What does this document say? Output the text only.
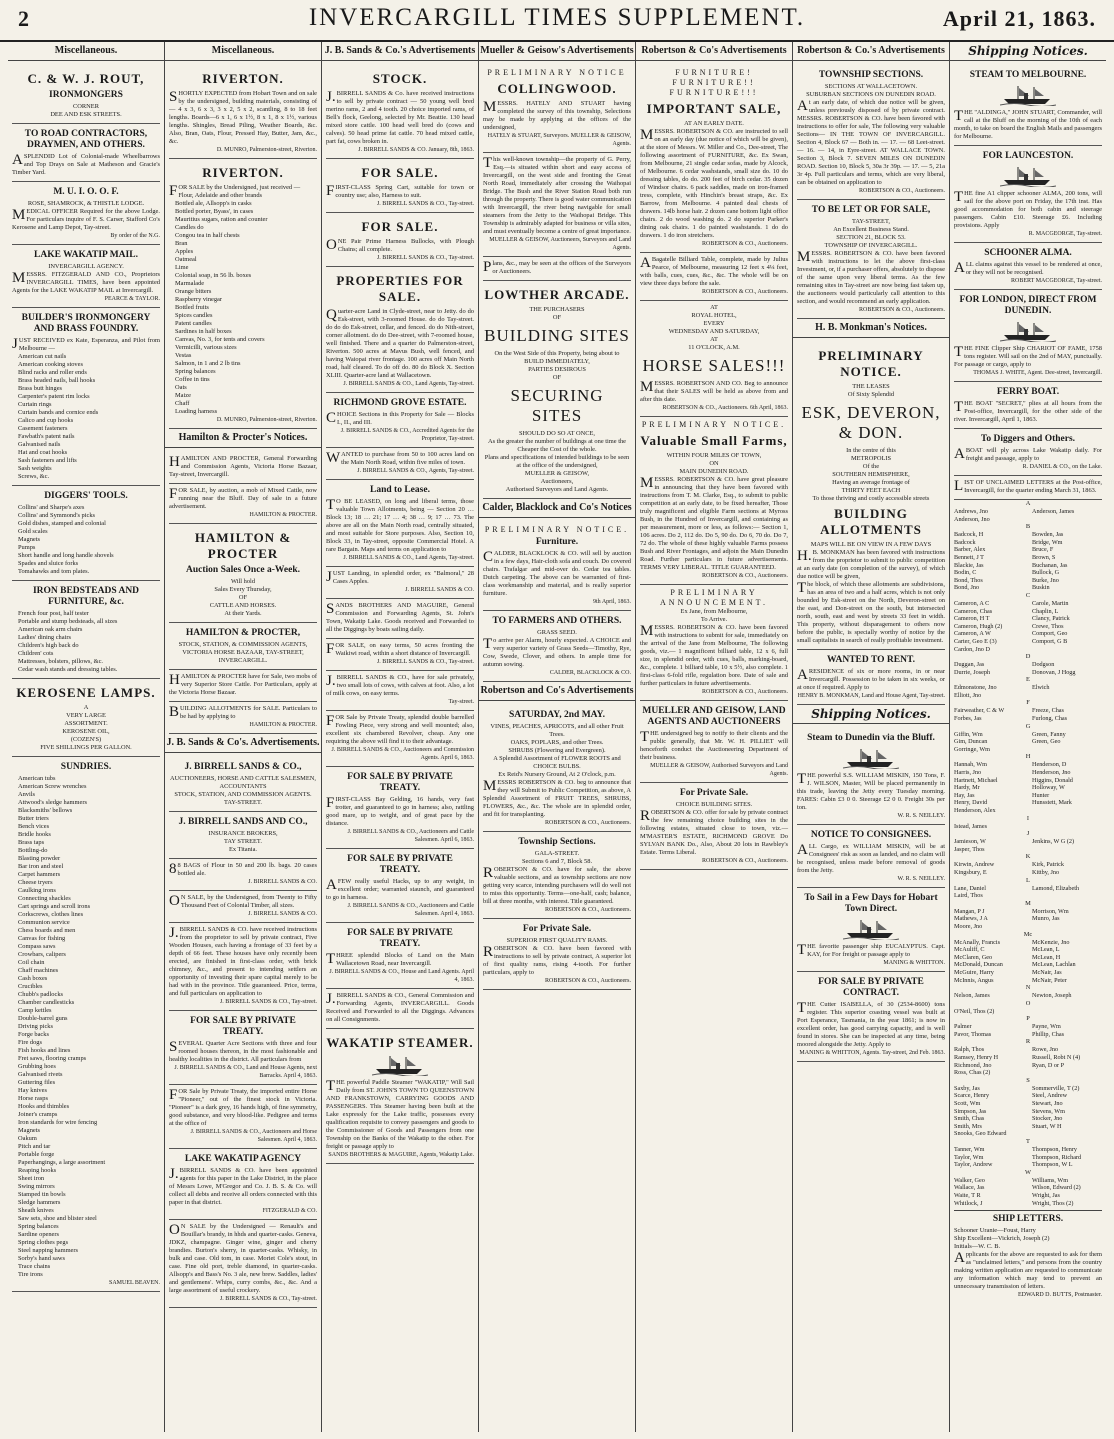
2	INVERCARGILL TIMES SUPPLEMENT.	April 21, 1863.
Miscellaneous.
C. & W. J. ROUT,
IRONMONGERS
CORNER
DEE AND ESK STREETS.
TO ROAD CONTRACTORS, DRAYMEN, AND OTHERS.
ASPLENDID Lot of Colonial-made Wheelbarrows and Top Drays on Sale at Matheson and Gracie's Timber Yard.
M. U. I. O. O. F.
ROSE, SHAMROCK, & THISTLE LODGE.
MEDICAL OFFICER Required for the above Lodge. For particulars inquire of F. S. Carser, Stafford Co's Kerosene and Lamp Depot, Tay-street.
By order of the N.G.
LAKE WAKATIP MAIL.
INVERCARGILL AGENCY.
MESSRS. FITZGERALD AND CO., Proprietors INVERCARGILL TIMES, have been appointed Agents for the LAKE WAKATIP MAIL at Invercargill.
PEARCE & TAYLOR.
BUILDER'S IRONMONGERY AND BRASS FOUNDRY.
JUST RECEIVED ex Kate, Esperanza, and Pilot from Melbourne —
American cut nails
American cooking stoves
Blind racks and roller ends
Brass headed nails, ball hooks
Brass butt hinges
Carpenter's patent rim locks
Curtain rings
Curtain bands and cornice ends
Calico and cup hooks
Casement fasteners
Fawbath's patent nails
Galvanised nails
Hat and coat hooks
Sash fasteners and lifts
Sash weights
Screws, &c.
DIGGERS' TOOLS.
Collins' and Sharpe's axes
Collins' and Symmond's picks
Gold dishes, stamped and colonial
Gold scales
Magnets
Pumps
Short handle and long handle shovels
Spades and sluice forks
Tomahawks and tom plates.
IRON BEDSTEADS AND FURNITURE, &c.
French four post, half tester
Portable and stump bedsteads, all sizes
American oak arm chairs
Ladies' dining chairs
Children's high back do
Children' cots
Mattresses, bolsters, pillows, &c.
Cedar wash stands and dressing tables.
KEROSENE LAMPS.
A
VERY LARGE
ASSORTMENT.
KEROSENE OIL,
(COZEN'S)
FIVE SHILLINGS PER GALLON.
SUNDRIES.
American tubs
American Screw wrenches
Anvils
Attwood's sledge hammers
Blacksmiths' bellows
Butter triers
Bench vices
Bridle hooks
Brass taps
Bottling-do
Blasting powder
Bar iron and steel
Carpet hammers
Cheese tryers
Caulking irons
Connecting shackles
Cart springs and scroll irons
Corkscrews, clothes lines
Communion service
Chess boards and men
Canvas for fishing
Compass saws
Crowbars, calipers
Coil chain
Chaff machines
Cash boxes
Crucibles
Chubb's padlocks
Chamber candlesticks
Camp kettles
Double-barrel guns
Driving picks
Forge backs
Fire dogs
Fish hooks and lines
Fret saws, flooring cramps
Grubbing hoes
Galvanised rivets
Guttering files
Hay knives
Horse rasps
Hooks and thimbles
Joiner's cramps
Iron standards for wire fencing
Magnets
Oakum
Pitch and tar
Portable forge
Paperhangings, a large assortment
Reaping hooks
Sheet iron
Swing mirrors
Stamped tin bowls
Sledge hammers
Sheath knives
Saw sets, shoe and blister steel
Spring balances
Sardine openers
Spring clothes pegs
Steel napping hammers
Sorby's hand saws
Trace chains
Tire irons
SAMUEL BEAVEN.
Miscellaneous.
RIVERTON.
SHORTLY EXPECTED from Hobart Town and on sale by the undersigned, building materials, consisting of — 4 x 3, 6 x 3, 3 x 2, 5 x 2, scantling, 8 to 18 feet lengths. Boards—6 x 1, 6 x 1½, 8 x 1, 8 x 1½, various lengths. Shingles, Bread Piling, Weather Boards, &c. Also, Bran, Oats, Flour, Pressed Hay, Butter, Jam, &c., &c.
D. MUNRO, Palmerston-street, Riverton.
RIVERTON.
FOR SALE by the Undersigned, just received —
Flour, Adelaide and other brands
Bottled ale, Allsopp's in casks
Bottled porter, Byass', in cases
Mauritius sugars, ration and counter
Candles do
Congou tea in half chests
Bran
Apples
Oatmeal
Lime
Colonial soap, in 56 lb. boxes
Marmalade
Orange bitters
Raspberry vinegar
Bottled fruits
Spices candles
Patent candles
Sardines in half boxes
Canvas, No. 3, for tents and covers
Vermicilli, various sizes
Vestas
Salmon, in 1 and 2 lb tins
Spring balances
Coffee in tins
Oats
Maize
Chaff
Loading harness
D. MUNRO, Palmerston-street, Riverton.
Hamilton & Procter's Notices.
HAMILTON AND PROCTER, General Forwarding and Commission Agents, Victoria Horse Bazaar, Tay-street, Invercargill.
FOR SALE, by auction, a mob of Mixed Cattle, now running near the Bluff. Day of sale in a future advertisement.
HAMILTON & PROCTER.
HAMILTON & PROCTER
Auction Sales Once a-Week.
Will hold
Sales Every Thursday,
OF
CATTLE AND HORSES.
At their Yards.
HAMILTON & PROCTER,
STOCK, STATION, & COMMISSION AGENTS,
VICTORIA HORSE BAZAAR, TAY-STREET, INVERCARGILL.
HAMILTON & PROCTER have for Sale, two mobs of very Superior Store Cattle. For Particulars, apply at the Victoria Horse Bazaar.
BUILDING ALLOTMENTS for SALE. Particulars to be had by applying to
HAMILTON & PROCTER.
J. B. Sands & Co's. Advertisements.
J. BIRRELL SANDS & CO.,
AUCTIONEERS, HORSE AND CATTLE SALESMEN, ACCOUNTANTS
STOCK, STATION, AND COMMISSION AGENTS.
TAY-STREET.
J. BIRRELL SANDS AND CO.,
INSURANCE BROKERS,
TAY STREET.
Ex Titania.
88 BAGS of Flour in 50 and 200 lb. bags. 20 cases bottled ale.
J. BIRRELL SANDS & CO.
ON SALE, by the Undersigned, from Twenty to Fifty Thousand Feet of Colonial Timber, all sizes.
J. BIRRELL SANDS & CO.
J.BIRRELL SANDS & CO. have received instructions from the proprietor to sell by private contract, Five Wooden Houses, each having a frontage of 33 feet by a depth of 66 feet. These houses have only recently been erected, are finished in first-class order, with brick chimney, &c., and present to intending settlers an opportunity of investing their spare capital merely to be had with in the province. Title guaranteed. Price, terms, and full particulars on application to
J. BIRRELL SANDS & CO., Tay-street.
FOR SALE BY PRIVATE TREATY.
SEVERAL Quarter Acre Sections with three and four roomed houses thereon, in the most fashionable and healthy localities in the district. All particulars from
J. BIRRELL SANDS & CO., Land and House Agents, next Barracks. April 4, 1863.
FOR Sale by Private Treaty, the imported entire Horse "Pioneer," out of the finest stock in Victoria. "Pioneer" is a dark grey, 16 hands high, of fine symmetry, good substance, and very blood-like. Pedigree and terms at the office of
J. BIRRELL SANDS & CO., Auctioneers and Horse Salesmen. April 4, 1863.
LAKE WAKATIP AGENCY
J.BIRRELL SANDS & CO. have been appointed agents for this paper in the Lake District, in the place of Messrs Lowe, M'Gregor and Co. J. B. S. & Co. will collect all debts and receive all orders connected with this paper in that district.
FITZGERALD & CO.
ON SALE by the Undersigned — Renault's and Bouillar's brandy, in hhds and quarter-casks. Geneva, JDKZ, champagne. Ginger wine, ginger and cherry brandies. Burton's sherry, in quarter-casks. Whisky, in bulk and case. Old tom, in case. Moriet Cole's stout, in case. Fine old port, treble diamond, in quarter-casks. Allsopp's and Bass's No. 3 ale, new brew. Saddles, ladies' and gentlemens'. Whips, curry combs, &c., &c. And a large assortment of useful crockery.
J. BIRRELL SANDS & CO., Tay-street.
J. B. Sands & Co.'s Advertisements
STOCK.
J.BIRRELL SANDS & Co. have received instructions to sell by private contract — 50 young well bred merino rams, 2 and 4 tooth. 20 choice imported rams, of Bell's flock, Geelong, selected by Mr. Beattie. 130 head mixed store cattle. 100 head well bred do (cows and calves). 50 head prime fat cattle. 70 head mixed cattle, part fat, cows broken in.
J. BIRRELL SANDS & CO. January, 8th, 1863.
FOR SALE.
FIRST-CLASS Spring Cart, suitable for town or country use; also, Harness to suit.
J. BIRRELL SANDS & CO., Tay-street.
FOR SALE.
ONE Pair Prime Harness Bullocks, with Plough Chains; all complete.
J. BIRRELL SANDS & CO., Tay-street.
PROPERTIES FOR SALE.
Quarter-acre Land in Clyde-street, near to Jetty. do do Esk-street, with 3-roomed House. do do Tay-street. do do do Esk-street, cellar, and fenced. do do Nith-street, corner allotment. do do Dee-street, with 7-roomed house, well finished. There and a quarter do Palmerston-street, Riverton. 500 acres at Mavus Bush, well fenced, and having Waiopai river frontage. 100 acres off Main North road, half cleared. To do off do. 80 do Block X. Section XLIII. Quarter-acre land at Wallacetown.
J. BIRRELL SANDS & CO., Land Agents, Tay-street.
RICHMOND GROVE ESTATE.
CHOICE Sections in this Property for Sale — Blocks I., II., and III.
J. BIRRELL SANDS & CO., Accredited Agents for the Proprietor, Tay-street.
WANTED to purchase from 50 to 100 acres land on the Main North Road, within five miles of town.
J. BIRRELL SANDS & CO., Agents, Tay-street.
Land to Lease.
TO BE LEASED, on long and liberal terms, those valuable Town Allotments, being — Section 20 … Block 13; 18 … 21; 17 … 4; 38 … 9; 17 … 73. The above are all on the Main North road, centrally situated, and most suitable for Store purposes. Also, Section 10, Block 33, in Tay-street, opposite Commercial Hotel. A rare Bargain. Maps and terms on application to
J. BIRRELL SANDS & CO., Land Agents, Tay-street.
JUST Landing, in splendid order, ex "Balmoral," 28 Cases Apples.
J. BIRRELL SANDS & CO.
SANDS BROTHERS AND MAGUIRE, General Commission and Forwarding Agents, St. John's Town, Wakatip Lake. Goods received and Forwarded to all the Diggings by boats sailing daily.
FOR SALE, on easy terms, 50 acres fronting the Waikiwi road, within a short distance of Invercargill.
J. BIRRELL SANDS & CO., Tay-street.
J.BIRRELL SANDS & CO., have for sale privately, two small lots of cows, with calves at foot. Also, a lot of milk cows, on easy terms.
Tay-street.
FOR Sale by Private Treaty, splendid double barrelled Fowling Piece, very strong and well mounted; also, excellent six chambered Revolver, cheap. Any one requiring the above will find it to their advantage.
J. BIRRELL SANDS & CO., Auctioneers and Commission Agents. April 6, 1863.
FOR SALE BY PRIVATE TREATY.
FIRST-CLASS Bay Gelding, 16 hands, very fast trotter, and guaranteed to go in harness; also, rattling good mare, up to weight, and of great pace by the distance.
J. BIRRELL SANDS & CO., Auctioneers and Cattle Salesmen. April 6, 1863.
FOR SALE BY PRIVATE TREATY.
AFEW really useful Hacks, up to any weight, in excellent order; warranted staunch, and guaranteed to go in harness.
J. BIRRELL SANDS & CO., Auctioneers and Cattle Salesmen. April 4, 1863.
FOR SALE BY PRIVATE TREATY.
THREE splendid Blocks of Land on the Main Wallacetown Road, near Invercargill.
J. BIRRELL SANDS & CO., House and Land Agents. April 4, 1863.
J.BIRRELL SANDS & CO., General Commission and Forwarding Agents, INVERCARGILL. Goods Received and Forwarded to all the Diggings. Advances on all Consignments.
WAKATIP STEAMER.
THE powerful Paddle Steamer "WAKATIP," Will Sail Daily from ST. JOHN'S TOWN TO QUEENSTOWN AND FRANKSTOWN, CARRYING GOODS AND PASSENGERS. This Steamer having been built at the Lake expressly for the Lake traffic, possesses every qualification requisite to convey passengers and goods to the Commissioner of Goods and Passengers from one Township on the Banks of the Wakatip to the other. For freight or passage apply to
SANDS BROTHERS & MAGUIRE, Agents, Wakatip Lake.
Mueller & Geisow's Advertisements
PRELIMINARY NOTICE
COLLINGWOOD.
MESSRS. HATELY AND STUART having completed the survey of this township, Selections may be made by applying at the offices of the undersigned,
HATELY & STUART, Surveyors. MUELLER & GEISOW, Agents.
This well-known township—the property of G. Perry, Esq.—is situated within short and easy access of Invercargill, on the west side and fronting the Great North Road, immediately after crossing the Waihopai Bridge. The Bush and the River Station Road both run through the property. There is good water communication with Invercargill, the river being navigable for small steamers from the Jetty to the Waihopai Bridge. This Township is admirably adapted for business or villa sites, and must eventually become a centre of great importance.
MUELLER & GEISOW, Auctioneers, Surveyors and Land Agents.
Plans, &c., may be seen at the offices of the Surveyors or Auctioneers.
LOWTHER ARCADE.
THE PURCHASERS
OF
BUILDING SITES
On the West Side of this Property, being about to
BUILD IMMEDIATELY,
PARTIES DESIROUS
OF
SECURING SITES
SHOULD DO SO AT ONCE,
As the greater the number of buildings at one time the Cheaper the Cost of the whole.
Plans and specifications of intended buildings to be seen at the office of the undersigned,
MUELLER & GEISOW,
Auctioneers,
Authorised Surveyors and Land Agents.
Calder, Blacklock and Co's Notices
PRELIMINARY NOTICE.
Furniture.
CALDER, BLACKLOCK & CO. will sell by auction in a few days, Hair-cloth sofa and couch. Do covered chairs. Trafalgar and mid-over do. Cedar tea tables. Dutch carpeting. The above can be warranted of first-class workmanship and material, and is really superior furniture.
9th April, 1863.
TO FARMERS AND OTHERS.
GRASS SEED.
To arrive per Alarm, hourly expected. A CHOICE and very superior variety of Grass Seeds—Timothy, Rye, Cow, Swede, Clover, and others. In ample time for autumn sowing.
CALDER, BLACKLOCK & CO.
Robertson and Co's Advertisements
SATURDAY, 2nd MAY.
VINES, PEACHES, APRICOTS, and all other Fruit Trees.
OAKS, POPLARS, and other Trees.
SHRUBS (Flowering and Evergreen).
A Splendid Assortment of FLOWER ROOTS and CHOICE BULBS.
Ex Reid's Nursery Ground, At 2 O'clock, p.m.
MESSRS ROBERTSON & CO. beg to announce that they will Submit to Public Competition, as above, A Splendid Assortment of FRUIT TREES, SHRUBS, FLOWERS, &c., &c. The whole are in splendid order, and fit for transplanting.
ROBERTSON & CO., Auctioneers.
Township Sections.
GALA-STREET.
Sections 6 and 7, Block 58.
ROBERTSON & CO. have for sale, the above valuable sections, and as township sections are now getting very scarce, intending purchasers will do well not to miss this opportunity. Terms—one-half, cash; balance, bill at three months, with interest. Title guaranteed.
ROBERTSON & CO., Auctioneers.
For Private Sale.
SUPERIOR FIRST QUALITY RAMS.
ROBERTSON & CO. have been favored with instructions to sell by private contract, A superior lot of first quality rams, rising 4-tooth. For further particulars, apply to
ROBERTSON & CO., Auctioneers.
Robertson & Co's Advertisements
FURNITURE! FURNITURE!! FURNITURE!!!
IMPORTANT SALE,
AT AN EARLY DATE.
MESSRS. ROBERTSON & CO. are instructed to sell on an early day (due notice of which will be given), at the store of Messrs. W. Miller and Co., Dee-street, The following assortment of FURNITURE, &c. Ex Swan, from Melbourne, 21 single cedar sofas, made by Alcock, of Melbourne. 6 cedar washstands, small size do. 10 do dressing tables, do do. 200 feet of birch cedar. 35 dozen of Windsor chairs. 6 pack saddles, made on iron-framed tress, complete, with Hinchin's breast straps, &c. Ex Barrow, from Melbourne. 4 painted deal chests of drawers. 14lb horse hair. 2 dozen cane bottom light office chairs. 2 do wood washing do. 2 do superior Parker's dining oak chairs. 1 do painted washstands. 1 do do drawers. 1 do iron stretchers.
ROBERTSON & CO., Auctioneers.
ABagatelle Billiard Table, complete, made by Julius Pearce, of Melbourne, measuring 12 feet x 4¼ feet, with balls, cues, cues, &c., &c. The whole will be on view three days before the sale.
ROBERTSON & CO., Auctioneers.
AT
ROYAL HOTEL,
EVERY
WEDNESDAY AND SATURDAY,
AT
11 O'CLOCK, A.M.
HORSE SALES!!!
MESSRS. ROBERTSON AND CO. Beg to announce that their SALES will be held as above from and after this date.
ROBERTSON & CO., Auctioneers. 6th April, 1863.
PRELIMINARY NOTICE.
Valuable Small Farms,
WITHIN FOUR MILES OF TOWN,
ON
MAIN DUNEDIN ROAD.
MESSRS. ROBERTSON & CO. have great pleasure in announcing that they have been favored with instructions from T. M. Clarke, Esq., to submit to public competition at an early date, to be fixed hereafter, Those truly magnificent and eligible Farm sections at Myross Bush, in the Hundred of Invercargill, and containing as per measurement, more or less, as follows:— Section 1, 106 acres. Do 2, 112 do. Do 5, 90 do. Do 6, 70 do. Do 7, 72 do. The whole of these highly valuable Farms possess Bush and River Frontages, and adjoin the Main Dunedin Road. Further particulars in future advertisements. TERMS VERY LIBERAL. TITLE GUARANTEED.
ROBERTSON & CO., Auctioneers.
PRELIMINARY ANNOUNCEMENT.
Ex Jane, from Melbourne,
To Arrive.
MESSRS. ROBERTSON & CO. have been favored with instructions to submit for sale, immediately on the arrival of the Jane from Melbourne, The following goods, viz.— 1 magnificent billiard table, 12 x 6, full size, in splendid order, with cues, balls, marking-board, &c., complete. 1 billiard table, 10 x 5½, also complete. 1 first-class 6-fold rifle, regulation bore. Date of sale and further particulars in future advertisements.
ROBERTSON & CO., Auctioneers.
MUELLER AND GEISOW, LAND AGENTS AND AUCTIONEERS
THE undersigned beg to notify to their clients and the public generally, that Mr. W. H. PILLIET will henceforth conduct the Auctioneering Department of their business.
MUELLER & GEISOW, Authorised Surveyors and Land Agents.
For Private Sale.
CHOICE BUILDING SITES.
ROBERTSON & CO. offer for sale by private contract the few remaining choice building sites in the following estates, situated close to town, viz.— M'MASTER'S ESTATE, RICHMOND GROVE Do SYLVAN BANK Do., Also, About 20 lots in Rawbley's Estate. Terms Liberal.
ROBERTSON & CO., Auctioneers.
Robertson & Co.'s Advertisements
TOWNSHIP SECTIONS.
SECTIONS AT WALLACETOWN.
SUBURBAN SECTIONS ON DUNEDIN ROAD.
At an early date, of which due notice will be given, unless previously disposed of by private contract. MESSRS. ROBERTSON & CO. have been favored with instructions to offer for sale, The following very valuable Sections— IN THE TOWN OF INVERCARGILL. Section 4, Block 67 — Both in. — 17. — 68 Leet-street. — 16. — 14, in Eyre-street. AT WALLACE TOWN. Section 3, Block 7. SEVEN MILES ON DUNEDIN ROAD. Section 10, Block 5, 30a 3r 39p. — 17. — 5, 21a 3r 4p. Full particulars and terms, which are very liberal, can be obtained on application to
ROBERTSON & CO., Auctioneers.
TO BE LET OR FOR SALE,
TAY-STREET,
An Excellent Business Stand.
SECTION 21, BLOCK 53.
TOWNSHIP OF INVERCARGILL.
MESSRS. ROBERTSON & CO. have been favored with instructions to let the above first-class Investment, or, if a purchaser offers, absolutely to dispose of the same upon very liberal terms. As the few remaining sites in Tay-street are now being fast taken up, the auctioneers would particularly call attention to this section, and would recommend an early application.
ROBERTSON & CO., Auctioneers.
H. B. Monkman's Notices.
PRELIMINARY NOTICE.
THE LEASES
Of Sixty Splendid
ESK, DEVERON, & DON.
In the centre of this
METROPOLIS
Of the
SOUTHERN HEMISPHERE,
Having an average frontage of
THIRTY FEET EACH
To those thriving and costly accessible streets
BUILDING ALLOTMENTS
MAPS WILL BE ON VIEW IN A FEW DAYS
H.B. MONKMAN has been favored with instructions from the proprietor to submit to public competition at an early date (on completion of the survey), of which due notice will be given,
The block, of which these allotments are subdivisions, has an area of two and a half acres, which is not only bounded by Esk-street on the North, Deveron-street on the east, and Don-street on the south, but intersected north, south, east and west by streets 33 feet in width. This property, without disparagement to others now before the public, is specially worthy of notice by the small capitalists in search of really profitable investment.
WANTED TO RENT.
ARESIDENCE of six or more rooms, in or near Invercargill. Possession to be taken in six weeks, or at once if required. Apply to
HENRY B. MONKMAN, Land and House Agent, Tay-street.
Shipping Notices.
Steam to Dunedin via the Bluff.
THE powerful S.S. WILLIAM MISKIN, 150 Tons, F. J. WILSON, Master, Will be placed permanently in this trade, leaving the Jetty every Tuesday morning. FARES: Cabin £3 0 0. Steerage £2 0 0. Freight 30s per ton.
W. R. S. NEILLEY.
NOTICE TO CONSIGNEES.
ALL Cargo, ex WILLIAM MISKIN, will be at Consignees' risk as soon as landed, and no claim will be recognised, unless made before removal of goods from the Jetty.
W. R. S. NEILLEY.
To Sail in a Few Days for Hobart Town Direct.
THE favorite passenger ship EUCALYPTUS. Capt. KAY, for For freight or passage apply to
MANING & WHITTON.
FOR SALE BY PRIVATE CONTRACT.
THE Cutter ISABELLA, of 30 (2534-8600) tons register. This superior coasting vessel was built at Port Esperance, Tasmania, in the year 1861; is now in excellent order, has good carrying capacity, and is well found in stores. She can be inspected at any time, being moored alongside the Jetty. Apply to
MANING & WHITTON, Agents. Tay-street, 2nd Feb. 1863.
Shipping Notices.
STEAM TO MELBOURNE.
THE "ALDINGA," JOHN STUART, Commander, will call at the Bluff on the morning of the 10th of each month, to take on board the English Mails and passengers for Melbourne.
FOR LAUNCESTON.
THE fine A1 clipper schooner ALMA, 200 tons, will sail for the above port on Friday, the 17th inst. Has good accommodation for both cabin and steerage passengers. Cabin £10. Steerage £6. Including provisions. Apply
R. MACGEORGE, Tay-street.
SCHOONER ALMA.
ALL claims against this vessel to be rendered at once, or they will not be recognised.
ROBERT MACGEORGE, Tay-street.
FOR LONDON, DIRECT FROM DUNEDIN.
THE FINE Clipper Ship CHARIOT OF FAME, 1758 tons register. Will sail on the 2nd of MAY, punctually. For passage or cargo, apply to
THOMAS J. WHITE, Agent. Dee-street, Invercargill.
FERRY BOAT.
THE BOAT "SECRET," plies at all hours from the Post-office, Invercargill, for the other side of the river. Invercargill, April 1, 1863.
To Diggers and Others.
ABOAT will ply across Lake Wakatip daily. For freight and passage, apply to
R. DANIEL & CO., on the Lake.
LIST OF UNCLAIMED LETTERS at the Post-office, Invercargill, for the quarter ending March 31, 1863.
A
Andrews, Jno	Anderson, James
Anderson, Jno
B
Badcock, H	Bowden, Jas
Badcock	Bridge, Wm
Barber, Alex	Bruce, F
Bennett, J T	Brown, S
Blackie, Jas	Buchanan, Jas
Bodin, C	Bullock, G
Bond, Thos	Burke, Jno
Bond, Jno	Buskin
C
Cameron, A C	Carole, Martin
Cameron, Chas	Chaplin, L
Cameron, H T	Clancy, Patrick
Cameron, Hugh (2)	Crewe, Thos
Cameron, A W	Comport, Geo
Carter, Geo E (3)	Comport, G B
Cardon, Jno D
D
Duggan, Jas	Dodgson
Durrie, Joseph	Donovan, J Hogg
E
Edmonstone, Jno	Elwich
Elliott, Jno
F
Fairweather, C & W	Freeze, Chas
Forbes, Jas	Furlong, Chas
G
Giffin, Wm	Green, Fanny
Gim, Duncan	Green, Geo
Gorringe, Wm
H
Hannah, Wm	Henderson, D
Harris, Jno	Henderson, Jno
Hartnett, Michael	Higgins, Donald
Hardy, Mr	Holloway, W
Hay, Jas	Hunter
Henry, David	Hunsstett, Mark
Henderson, Alex
I
Istead, James
J
Jamieson, W	Jenkins, W G (2)
Jasper, Thos
K
Kirwin, Andrew	Kirk, Patrick
Kingsbury, E	Kittby, Jno
L
Lane, Daniel	Lamond, Elizabeth
Laird, Thos
M
Mangan, P J	Morrison, Wm
Mathews, J A	Munro, Jas
Moore, Jno
Mc
McAnally, Francis	McKenzie, Jno
McAuliff, C	McLean, L
McClaren, Geo	McLean, H
McDonald, Duncan	McLean, Lachlan
McGuire, Harry	McNair, Jas
McInnis, Angus	McNair, Peter
N
Nelson, James	Newton, Joseph
O
O'Neil, Thos (2)
P
Palmer	Payne, Wm
Pavor, Thomas	Phillip, Chas
R
Ralph, Thos	Rowe, Jno
Ramsey, Henry H	Russell, Robt N (4)
Richmond, Jno	Ryan, D or P
Ross, Chas (2)
S
Saxby, Jas	Sommerville, T (2)
Scarce, Henry	Steel, Andrew
Scott, Wm	Stewart, Jno
Simpson, Jas	Stevens, Wm
Smith, Chas	Stocker, Jno
Smith, Mrs	Stuart, W H
Snooks, Geo Edward
T
Tanner, Wm	Thompson, Henry
Taylor, Wm	Thompson, Richard
Taylor, Andrew	Thompson, W L
W
Walker, Geo	Williams, Wm
Wallace, Jas	Wilson, Edward (2)
Waite, T R	Wright, Jas
Whitlock, J	Wright, Thos (2)
SHIP LETTERS.
Schooner Uranie—Foust, Harry
Ship Excellent—Vickrich, Joseph (2)
Initials—W. C. B.
Applicants for the above are requested to ask for them as "unclaimed letters," and persons from the country making written application are requested to communicate any information which may tend to prevent an unnecessary transmission of letters.
EDWARD D. BUTTS, Postmaster.
